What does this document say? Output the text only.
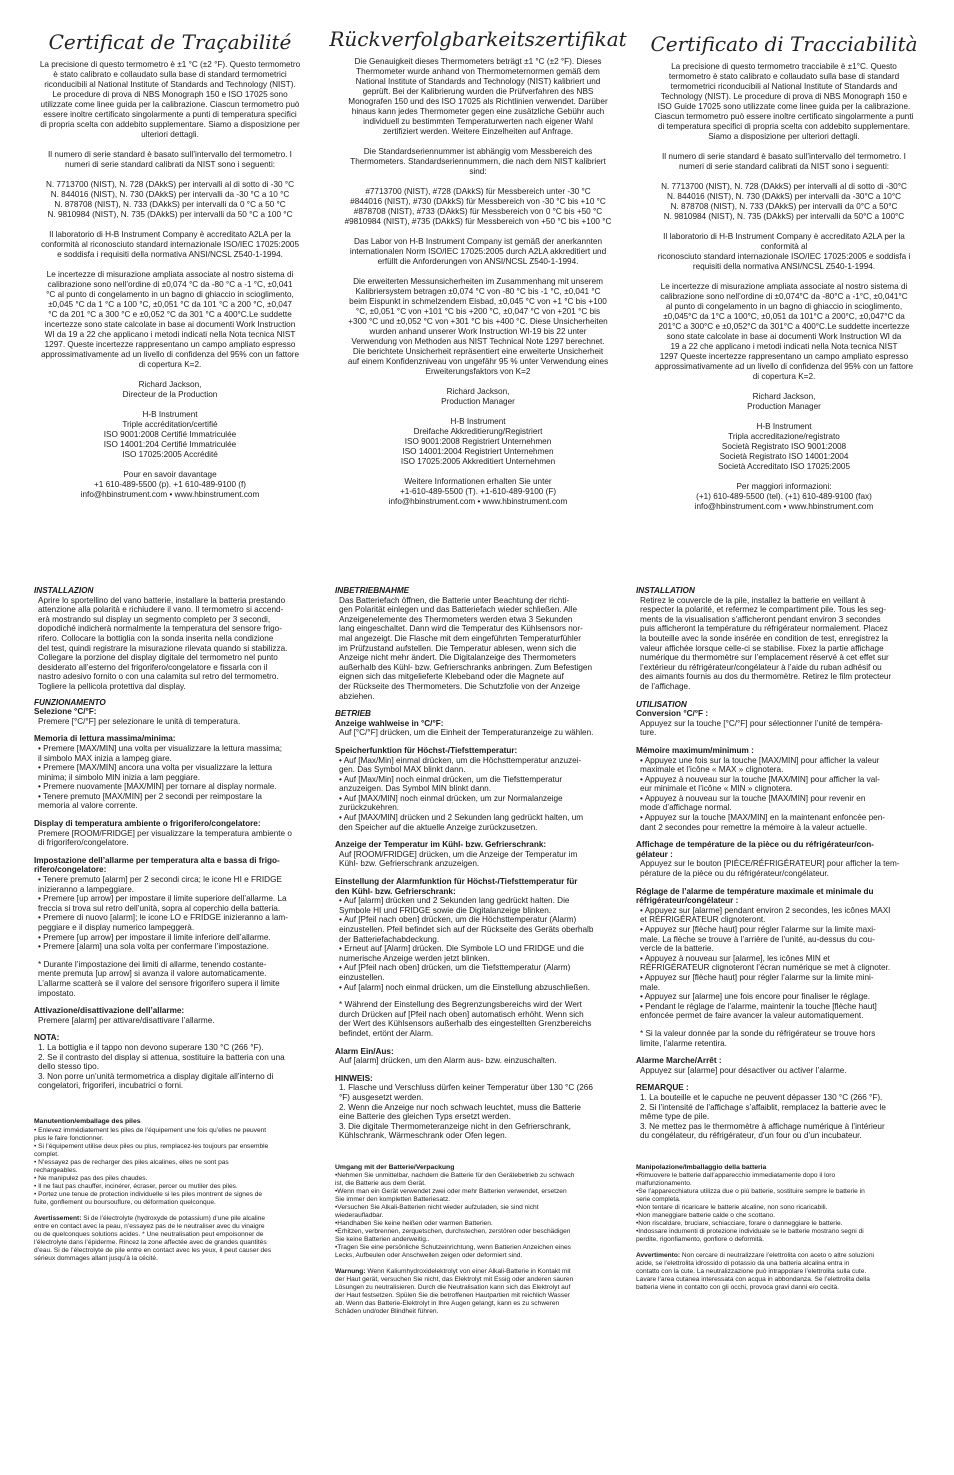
Certificat de Traçabilité

La precisione di questo termometro è ±1 °C (±2 °F). Questo termometro
è stato calibrato e collaudato sulla base di standard termometrici
riconducibili al National Institute of Standards and Technology (NIST).
Le procedure di prova di NBS Monograph 150 e ISO 17025 sono
utilizzate come linee guida per la calibrazione. Ciascun termometro può
essere inoltre certificato singolarmente a punti di temperatura specifici
di propria scelta con addebito supplementare. Siamo a disposizione per
ulteriori dettagli.

Il numero di serie standard è basato sull’intervallo del termometro. I
numeri di serie standard calibrati da NIST sono i seguenti:

N. 7713700 (NIST), N. 728 (DAkkS) per intervalli al di sotto di -30 °C
N. 844016 (NIST), N. 730 (DAkkS) per intervalli da -30 °C a 10 °C
N. 878708 (NIST), N. 733 (DAkkS) per intervalli da 0 °C a 50 °C
N. 9810984 (NIST), N. 735 (DAkkS) per intervalli da 50 °C a 100 °C

Il laboratorio di H-B Instrument Company è accreditato A2LA per la
conformità al riconosciuto standard internazionale ISO/IEC 17025:2005
e soddisfa i requisiti della normativa ANSI/NCSL Z540-1-1994.

Le incertezze di misurazione ampliata associate al nostro sistema di
calibrazione sono nell’ordine di ±0,074 °C da -80 °C a -1 °C, ±0,041
°C al punto di congelamento in un bagno di ghiaccio in scioglimento,
±0,045 °C da 1 °C a 100 °C, ±0,051 °C da 101 °C a 200 °C, ±0,047
°C da 201 °C a 300 °C e ±0,052 °C da 301 °C a 400°C.Le suddette
incertezze sono state calcolate in base ai documenti Work Instruction
WI da 19 a 22 che applicano i metodi indicati nella Nota tecnica NIST
1297. Queste incertezze rappresentano un campo ampliato espresso
approssimativamente ad un livello di confidenza del 95% con un fattore
di copertura K=2.

Richard Jackson,
Directeur de la Production

H-B Instrument
Triple accréditation/certifié
ISO 9001:2008 Certifié Immatriculée
ISO 14001:204 Certifié Immatriculée
ISO 17025:2005 Accrédité

Pour en savoir davantage
+1 610-489-5500 (p). +1 610-489-9100 (f)
info@hbinstrument.com • www.hbinstrument.com

Rückverfolgbarkeitszertifikat

Die Genauigkeit dieses Thermometers beträgt ±1 °C (±2 °F). Dieses
Thermometer wurde anhand von Thermometernormen gemäß dem
National Institute of Standards and Technology (NIST) kalibriert und
geprüft. Bei der Kalibrierung wurden die Prüfverfahren des NBS
Monografen 150 und des ISO 17025 als Richtlinien verwendet. Darüber
hinaus kann jedes Thermometer gegen eine zusätzliche Gebühr auch
individuell zu bestimmten Temperaturwerten nach eigener Wahl
zertifiziert werden. Weitere Einzelheiten auf Anfrage.

Die Standardseriennummer ist abhängig vom Messbereich des
Thermometers. Standardseriennummern, die nach dem NIST kalibriert
sind:

#7713700 (NIST), #728 (DAkkS) für Messbereich unter -30 °C
#844016 (NIST), #730 (DAkkS) für Messbereich von -30 °C bis +10 °C
#878708 (NIST), #733 (DAkkS) für Messbereich von 0 °C bis +50 °C
#9810984 (NIST), #735 (DAkkS) für Messbereich von +50 °C bis +100 °C

Das Labor von H-B Instrument Company ist gemäß der anerkannten
internationalen Norm ISO/IEC 17025:2005 durch A2LA akkreditiert und
erfüllt die Anforderungen von ANSI/NCSL Z540-1-1994.

Die erweiterten Messunsicherheiten im Zusammenhang mit unserem
Kalibriersystem betragen ±0,074 °C von -80 °C bis -1 °C, ±0,041 °C
beim Eispunkt in schmelzendem Eisbad, ±0,045 °C von +1 °C bis +100
°C, ±0,051 °C von +101 °C bis +200 °C, ±0,047 °C von +201 °C bis
+300 °C und ±0,052 °C von +301 °C bis +400 °C. Diese Unsicherheiten
wurden anhand unserer Work Instruction WI-19 bis 22 unter
Verwendung von Methoden aus NIST Technical Note 1297 berechnet.
Die berichtete Unsicherheit repräsentiert eine erweiterte Unsicherheit
auf einem Konfidenzniveau von ungefähr 95 % unter Verwendung eines
Erweiterungsfaktors von K=2

Richard Jackson,
Production Manager

H-B Instrument
Dreifache Akkreditierung/Registriert
ISO 9001:2008 Registriert Unternehmen
ISO 14001:2004 Registriert Unternehmen
ISO 17025:2005 Akkreditiert Unternehmen

Weitere Informationen erhalten Sie unter
+1-610-489-5500 (T). +1-610-489-9100 (F)
info@hbinstrument.com • www.hbinstrument.com

Certificato di Tracciabilità

La precisione di questo termometro tracciabile è ±1°C. Questo
termometro è stato calibrato e collaudato sulla base di standard
termometrici riconducibili al National Institute of Standards and
Technology (NIST). Le procedure di prova di NBS Monograph 150 e
ISO Guide 17025 sono utilizzate come linee guida per la calibrazione.
Ciascun termometro può essere inoltre certificato singolarmente a punti
di temperatura specifici di propria scelta con addebito supplementare.
Siamo a disposizione per ulteriori dettagli.

Il numero di serie standard è basato sull’intervallo del termometro. I
numeri di serie standard calibrati da NIST sono i seguenti:

N. 7713700 (NIST), N. 728 (DAkkS) per intervalli al di sotto di -30°C
N. 844016 (NIST), N. 730 (DAkkS) per intervalli da -30°C a 10°C
N. 878708 (NIST), N. 733 (DAkkS) per intervalli da 0°C a 50°C
N. 9810984 (NIST), N. 735 (DAkkS) per intervalli da 50°C a 100°C

Il laboratorio di H-B Instrument Company è accreditato A2LA per la
conformità al
riconosciuto standard internazionale ISO/IEC 17025:2005 e soddisfa i
requisiti della normativa ANSI/NCSL Z540-1-1994.

Le incertezze di misurazione ampliata associate al nostro sistema di
calibrazione sono nell’ordine di ±0,074°C da -80°C a -1°C, ±0,041°C
al punto di congelamento in un bagno di ghiaccio in scioglimento,
±0,045°C da 1°C a 100°C, ±0,051 da 101°C a 200°C, ±0,047°C da
201°C a 300°C e ±0,052°C da 301°C a 400°C.Le suddette incertezze
sono state calcolate in base ai documenti Work Instruction WI da
19 a 22 che applicano i metodi indicati nella Nota tecnica NIST
1297 Queste incertezze rappresentano un campo ampliato espresso
approssimativamente ad un livello di confidenza del 95% con un fattore
di copertura K=2.

Richard Jackson,
Production Manager

H-B Instrument
Tripla accreditazione/registrato
Società Registrato ISO 9001:2008
Società Registrato ISO 14001:2004
Società Accreditato ISO 17025:2005

Per maggiori informazioni:
(+1) 610-489-5500 (tel). (+1) 610-489-9100 (fax)
info@hbinstrument.com • www.hbinstrument.com

INSTALLAZION

Aprire lo sportellino del vano batterie, installare la batteria prestando
attenzione alla polarità e richiudere il vano. Il termometro si accend-
erà mostrando sul display un segmento completo per 3 secondi,
dopodiché indicherà normalmente la temperatura del sensore frigo-
rifero. Collocare la bottiglia con la sonda inserita nella condizione
del test, quindi registrare la misurazione rilevata quando si stabilizza.
Collegare la porzione del display digitale del termometro nel punto
desiderato all’esterno del frigorifero/congelatore e fissarla con il
nastro adesivo fornito o con una calamita sul retro del termometro.
Togliere la pellicola protettiva dal display.

FUNZIONAMENTO

Selezione °C/°F:

Premere [°C/°F] per selezionare le unità di temperatura.

Memoria di lettura massima/minima:

• Premere [MAX/MIN] una volta per visualizzare la lettura massima;
il simbolo MAX inizia a lampeg giare.
• Premere [MAX/MIN] ancora una volta per visualizzare la lettura
minima; il simbolo MIN inizia a lam peggiare.
• Premere nuovamente [MAX/MIN] per tornare al display normale.
• Tenere premuto [MAX/MIN] per 2 secondi per reimpostare la
memoria al valore corrente.

Display di temperatura ambiente o frigorifero/congelatore:

Premere [ROOM/FRIDGE] per visualizzare la temperatura ambiente o
di frigorifero/congelatore.

Impostazione dell’allarme per temperatura alta e bassa di frigo-
rifero/congelatore:

• Tenere premuto [alarm] per 2 secondi circa; le icone HI e FRIDGE
inizieranno a lampeggiare.
• Premere [up arrow] per impostare il limite superiore dell’allarme. La
freccia si trova sul retro dell’unità, sopra al coperchio della batteria.
• Premere di nuovo [alarm]; le icone LO e FRIDGE inizieranno a lam-
peggiare e il display numerico lampeggerà.
• Premere [up arrow] per impostare il limite inferiore dell’allarme.
• Premere [alarm] una sola volta per confermare l’impostazione.

* Durante l’impostazione dei limiti di allarme, tenendo costante-
mente premuta [up arrow] si avanza il valore automaticamente.
L’allarme scatterà se il valore del sensore frigorifero supera il limite
impostato.

Attivazione/disattivazione dell’allarme:

Premere [alarm] per attivare/disattivare l’allarme.

NOTA:

1. La bottiglia e il tappo non devono superare 130 °C (266 °F).
2. Se il contrasto del display si attenua, sostituire la batteria con una
dello stesso tipo.
3. Non porre un’unità termometrica a display digitale all’interno di
congelatori, frigoriferi, incubatrici o forni.

Manutention/emballage des piles

• Enlevez immédiatement les piles de l’équipement une fois qu’elles ne peuvent
plus le faire fonctionner.
• Si l’équipement utilise deux piles ou plus, remplacez-les toujours par ensemble
complet.
• N’essayez pas de recharger des piles alcalines, elles ne sont pas
rechargeables.
• Ne manipulez pas des piles chaudes.
• Il ne faut pas chauffer, incinérer, écraser, percer ou mutiler des piles.
• Portez une tenue de protection individuelle si les piles montrent de signes de
fuite, gonflement ou boursouflure, ou déformation quelconque.

Avertissement: Si de l’électrolyte (hydroxyde de potassium) d’une pile alcaline
entre en contact avec la peau, n’essayez pas de le neutraliser avec du vinaigre
ou de quelconques solutions acides. * Une neutralisation peut empoisonner de
l’électrolyte dans l’épiderme. Rincez la zone affectée avec de grandes quantités
d’eau. Si de l’électrolyte de pile entre en contact avec les yeux, il peut causer des
sérieux dommages allant jusqu’à la cécité.

INBETRIEBNAHME

Das Batteriefach öffnen, die Batterie unter Beachtung der richti-
gen Polarität einlegen und das Batteriefach wieder schließen. Alle
Anzeigenelemente des Thermometers werden etwa 3 Sekunden
lang eingeschaltet. Dann wird die Temperatur des Kühlsensors nor-
mal angezeigt. Die Flasche mit dem eingeführten Temperaturfühler
im Prüfzustand aufstellen. Die Temperatur ablesen, wenn sich die
Anzeige nicht mehr ändert. Die Digitalanzeige des Thermometers
außerhalb des Kühl- bzw. Gefrierschranks anbringen. Zum Befestigen
eignen sich das mitgelieferte Klebeband oder die Magnete auf
der Rückseite des Thermometers. Die Schutzfolie von der Anzeige
abziehen.

BETRIEB

Anzeige wahlweise in °C/°F:

Auf [°C/°F] drücken, um die Einheit der Temperaturanzeige zu wählen.

Speicherfunktion für Höchst-/Tiefsttemperatur:

• Auf [Max/Min] einmal drücken, um die Höchsttemperatur anzuzei-
gen. Das Symbol MAX blinkt dann.
• Auf [Max/Min] noch einmal drücken, um die Tiefsttemperatur
anzuzeigen. Das Symbol MIN blinkt dann.
• Auf [MAX/MIN] noch einmal drücken, um zur Normalanzeige
zurückzukehren.
• Auf [MAX/MIN] drücken und 2 Sekunden lang gedrückt halten, um
den Speicher auf die aktuelle Anzeige zurückzusetzen.

Anzeige der Temperatur im Kühl- bzw. Gefrierschrank:

Auf [ROOM/FRIDGE] drücken, um die Anzeige der Temperatur im
Kühl- bzw. Gefrierschrank anzuzeigen.

Einstellung der Alarmfunktion für Höchst-/Tiefsttemperatur für
den Kühl- bzw. Gefrierschrank:

• Auf [alarm] drücken und 2 Sekunden lang gedrückt halten. Die
Symbole HI und FRIDGE sowie die Digitalanzeige blinken.
• Auf [Pfeil nach oben] drücken, um die Höchsttemperatur (Alarm)
einzustellen. Pfeil befindet sich auf der Rückseite des Geräts oberhalb
der Batteriefachabdeckung.
• Erneut auf [Alarm] drücken. Die Symbole LO und FRIDGE und die
numerische Anzeige werden jetzt blinken.
• Auf [Pfeil nach oben] drücken, um die Tiefsttemperatur (Alarm)
einzustellen.
• Auf [alarm] noch einmal drücken, um die Einstellung abzuschließen.

* Während der Einstellung des Begrenzungsbereichs wird der Wert
durch Drücken auf [Pfeil nach oben] automatisch erhöht. Wenn sich
der Wert des Kühlsensors außerhalb des eingestellten Grenzbereichs
befindet, ertönt der Alarm.

Alarm Ein/Aus:

Auf [alarm] drücken, um den Alarm aus- bzw. einzuschalten.

HINWEIS:

1. Flasche und Verschluss dürfen keiner Temperatur über 130 °C (266
°F) ausgesetzt werden.
2. Wenn die Anzeige nur noch schwach leuchtet, muss die Batterie
eine Batterie des gleichen Typs ersetzt werden.
3. Die digitale Thermometeranzeige nicht in den Gefrierschrank,
Kühlschrank, Wärmeschrank oder Ofen legen.

Umgang mit der Batterie/Verpackung

•Nehmen Sie unmittelbar, nachdem die Batterie für den Gerätebetrieb zu schwach
ist, die Batterie aus dem Gerät.
•Wenn man ein Gerät verwendet zwei oder mehr Batterien verwendet, ersetzen
Sie immer den kompletten Batteriesatz.
•Versuchen Sie Alkali-Batterien nicht wieder aufzuladen, sie sind nicht
wiederaufladbar.
•Handhaben Sie keine heißen oder warmen Batterien.
•Erhitzen, verbrennen, zerquetschen, durchstechen, zerstören oder beschädigen
Sie keine Batterien anderweitig..
•Tragen Sie eine persönliche Schutzeinrichtung, wenn Batterien Anzeichen eines
Lecks, Aufbeulen oder Anschwellen zeigen oder deformiert sind.

Warnung: Wenn Kaliumhydroxidelektrolyt von einer Alkali-Batterie in Kontakt mit
der Haut gerät, versuchen Sie nicht, das Elektrolyt mit Essig oder anderen sauren
Lösungen zu neutralisieren. Durch die Neutralisation kann sich das Elektrolyt auf
der Haut festsetzen. Spülen Sie die betroffenen Hautpartien mit reichlich Wasser
ab. Wenn das Batterie-Elektrolyt in Ihre Augen gelangt, kann es zu schweren
Schäden und/oder Blindheit führen.

INSTALLATION

Retirez le couvercle de la pile, installez la batterie en veillant à
respecter la polarité, et refermez le compartiment pile. Tous les seg-
ments de la visualisation s’afficheront pendant environ 3 secondes
puis afficheront la température du réfrigérateur normalement. Placez
la bouteille avec la sonde insérée en condition de test, enregistrez la
valeur affichée lorsque celle-ci se stabilise. Fixez la partie affichage
numérique du thermomètre sur l’emplacement réservé à cet effet sur
l’extérieur du réfrigérateur/congélateur à l’aide du ruban adhésif ou
des aimants fournis au dos du thermomètre. Retirez le film protecteur
de l’affichage.

UTILISATION

Conversion °C/°F :

Appuyez sur la touche [°C/°F] pour sélectionner l’unité de tempéra-
ture.

Mémoire maximum/minimum :

• Appuyez une fois sur la touche [MAX/MIN] pour afficher la valeur
maximale et l’icône « MAX » clignotera.
• Appuyez à nouveau sur la touche [MAX/MIN] pour afficher la val-
eur minimale et l’icône « MIN » clignotera.
• Appuyez à nouveau sur la touche [MAX/MIN] pour revenir en
mode d’affichage normal.
• Appuyez sur la touche [MAX/MIN] en la maintenant enfoncée pen-
dant 2 secondes pour remettre la mémoire à la valeur actuelle.

Affichage de température de la pièce ou du réfrigérateur/con-
gélateur :

Appuyez sur le bouton [PIÈCE/RÉFRIGÉRATEUR] pour afficher la tem-
pérature de la pièce ou du réfrigérateur/congélateur.

Réglage de l’alarme de température maximale et minimale du
réfrigérateur/congélateur :

• Appuyez sur [alarme] pendant environ 2 secondes, les icônes MAXI
et RÉFRIGÉRATEUR clignoteront.
• Appuyez sur [flèche haut] pour régler l’alarme sur la limite maxi-
male. La flèche se trouve à l’arrière de l’unité, au-dessus du cou-
vercle de la batterie.
• Appuyez à nouveau sur [alarme], les icônes MIN et
RÉFRIGÉRATEUR clignoteront l’écran numérique se met à clignoter.
• Appuyez sur [flèche haut] pour régler l’alarme sur la limite mini-
male.
• Appuyez sur [alarme] une fois encore pour finaliser le réglage.
• Pendant le réglage de l’alarme, maintenir la touche [flèche haut]
enfoncée permet de faire avancer la valeur automatiquement.

* Si la valeur donnée par la sonde du réfrigérateur se trouve hors
limite, l’alarme retentira.

Alarme Marche/Arrêt :

Appuyez sur [alarme] pour désactiver ou activer l’alarme.

REMARQUE :

1. La bouteille et le capuche ne peuvent dépasser 130 °C (266 °F).
2. Si l’intensité de l’affichage s’affaiblit, remplacez la batterie avec le
même type de pile.
3. Ne mettez pas le thermomètre à affichage numérique à l’intérieur
du congélateur, du réfrigérateur, d’un four ou d’un incubateur.

Manipolazione/Imballaggio della batteria

•Rimuovere le batterie dall’apparecchio immediatamente dopo il loro
malfunzionamento.
•Se l’apparecchiatura utilizza due o più batterie, sostituire sempre le batterie in
serie completa.
•Non tentare di ricaricare le batterie alcaline, non sono ricaricabili.
•Non maneggiare batterie calde o che scottano.
•Non riscaldare, bruciare, schiacciare, forare o danneggiare le batterie.
•Indossare indumenti di protezione individuale se le batterie mostrano segni di
perdite, rigonfiamento, gonfiore o deformità.

Avvertimento: Non cercare di neutralizzare l’elettrolita con aceto o altre soluzioni
acide, se l’elettrolita idrossido di potassio da una batteria alcalina entra in
contatto con la cute. La neutralizzazione può intrappolare l’elettrolita sulla cute.
Lavare l’area cutanea interessata con acqua in abbondanza. Se l’elettrolita della
batteria viene in contatto con gli occhi, provoca gravi danni e/o cecità.
